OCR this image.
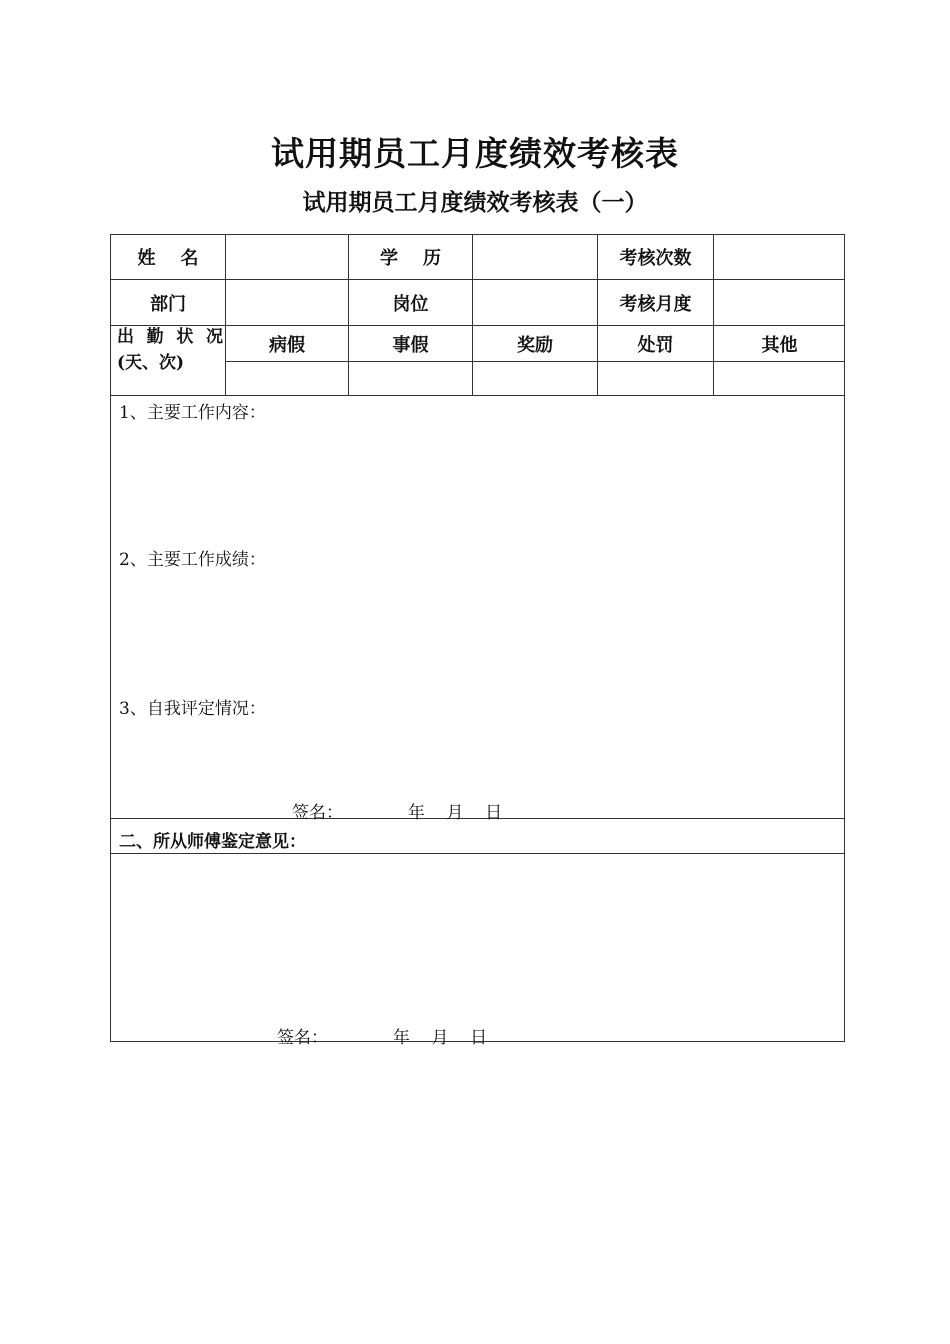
试用期员工月度绩效考核表
试用期员工月度绩效考核表（一）
姓    名	学    历	考核次数
部门	岗位	考核月度
出勤状况
(天、次)
病假	事假	奖励	处罚	其他
1、主要工作内容：
2、主要工作成绩：
3、自我评定情况：
签名：            年    月    日
二、所从师傅鉴定意见：
签名：            年    月    日
